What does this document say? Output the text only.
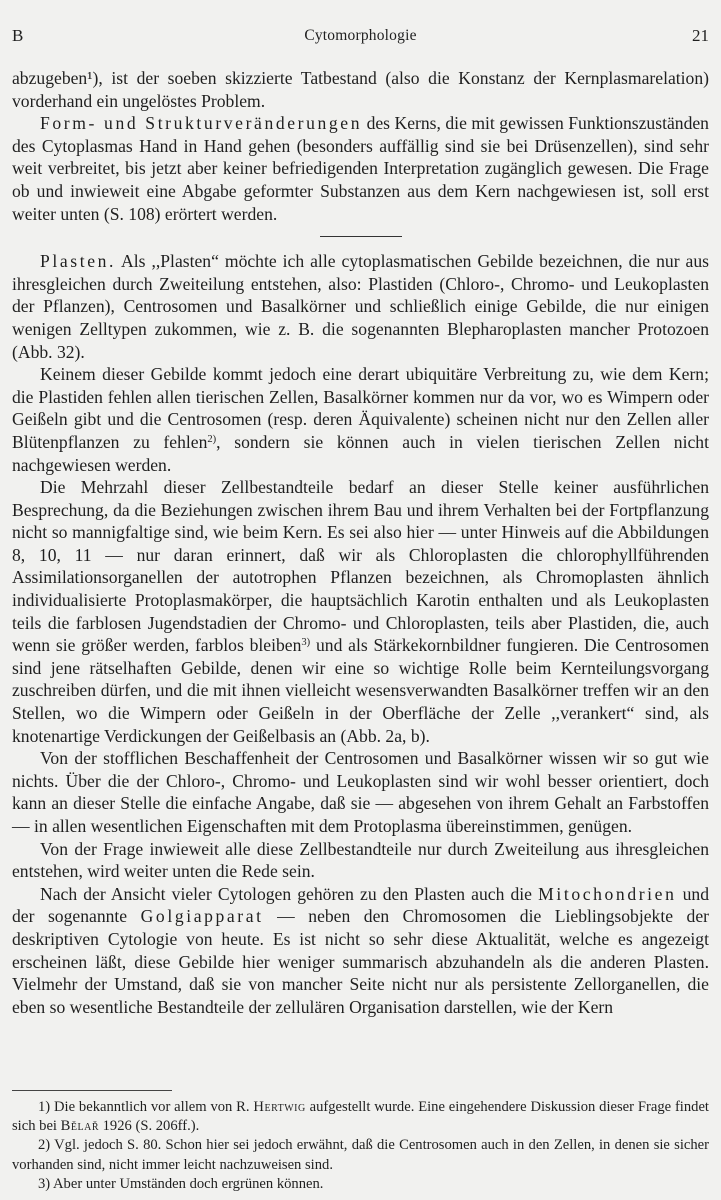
B	Cytomorphologie	21

abzugeben¹), ist der soeben skizzierte Tatbestand (also die Konstanz der Kernplasmarelation) vorderhand ein ungelöstes Problem.

Form- und Strukturveränderungen des Kerns, die mit gewissen Funktionszuständen des Cytoplasmas Hand in Hand gehen (besonders auffällig sind sie bei Drüsenzellen), sind sehr weit verbreitet, bis jetzt aber keiner befriedigenden Interpretation zugänglich gewesen. Die Frage ob und inwieweit eine Abgabe geformter Substanzen aus dem Kern nachgewiesen ist, soll erst weiter unten (S. 108) erörtert werden.

Plasten. Als ,,Plasten“ möchte ich alle cytoplasmatischen Gebilde bezeichnen, die nur aus ihresgleichen durch Zweiteilung entstehen, also: Plastiden (Chloro-, Chromo- und Leukoplasten der Pflanzen), Centrosomen und Basalkörner und schließlich einige Gebilde, die nur einigen wenigen Zelltypen zukommen, wie z. B. die sogenannten Blepharoplasten mancher Protozoen (Abb. 32).

Keinem dieser Gebilde kommt jedoch eine derart ubiquitäre Verbreitung zu, wie dem Kern; die Plastiden fehlen allen tierischen Zellen, Basalkörner kommen nur da vor, wo es Wimpern oder Geißeln gibt und die Centrosomen (resp. deren Äquivalente) scheinen nicht nur den Zellen aller Blütenpflanzen zu fehlen$^{2)}$, sondern sie können auch in vielen tierischen Zellen nicht nachgewiesen werden.

Die Mehrzahl dieser Zellbestandteile bedarf an dieser Stelle keiner ausführlichen Besprechung, da die Beziehungen zwischen ihrem Bau und ihrem Verhalten bei der Fortpflanzung nicht so mannigfaltige sind, wie beim Kern. Es sei also hier — unter Hinweis auf die Abbildungen 8, 10, 11 — nur daran erinnert, daß wir als Chloroplasten die chlorophyllführenden Assimilationsorganellen der autotrophen Pflanzen bezeichnen, als Chromoplasten ähnlich individualisierte Protoplasmakörper, die hauptsächlich Karotin enthalten und als Leukoplasten teils die farblosen Jugendstadien der Chromo- und Chloroplasten, teils aber Plastiden, die, auch wenn sie größer werden, farblos bleiben$^{3)}$ und als Stärkekornbildner fungieren. Die Centrosomen sind jene rätselhaften Gebilde, denen wir eine so wichtige Rolle beim Kernteilungsvorgang zuschreiben dürfen, und die mit ihnen vielleicht wesensverwandten Basalkörner treffen wir an den Stellen, wo die Wimpern oder Geißeln in der Oberfläche der Zelle ,,verankert“ sind, als knotenartige Verdickungen der Geißelbasis an (Abb. 2a, b).

Von der stofflichen Beschaffenheit der Centrosomen und Basalkörner wissen wir so gut wie nichts. Über die der Chloro-, Chromo- und Leukoplasten sind wir wohl besser orientiert, doch kann an dieser Stelle die einfache Angabe, daß sie — abgesehen von ihrem Gehalt an Farbstoffen — in allen wesentlichen Eigenschaften mit dem Protoplasma übereinstimmen, genügen.

Von der Frage inwieweit alle diese Zellbestandteile nur durch Zweiteilung aus ihresgleichen entstehen, wird weiter unten die Rede sein.

Nach der Ansicht vieler Cytologen gehören zu den Plasten auch die Mitochondrien und der sogenannte Golgiapparat — neben den Chromosomen die Lieblingsobjekte der deskriptiven Cytologie von heute. Es ist nicht so sehr diese Aktualität, welche es angezeigt erscheinen läßt, diese Gebilde hier weniger summarisch abzuhandeln als die anderen Plasten. Vielmehr der Umstand, daß sie von mancher Seite nicht nur als persistente Zellorganellen, die eben so wesentliche Bestandteile der zellulären Organisation darstellen, wie der Kern

1) Die bekanntlich vor allem von R. Hertwig aufgestellt wurde. Eine eingehendere Diskussion dieser Frage findet sich bei Bělař 1926 (S. 206ff.).

2) Vgl. jedoch S. 80. Schon hier sei jedoch erwähnt, daß die Centrosomen auch in den Zellen, in denen sie sicher vorhanden sind, nicht immer leicht nachzuweisen sind.

3) Aber unter Umständen doch ergrünen können.
